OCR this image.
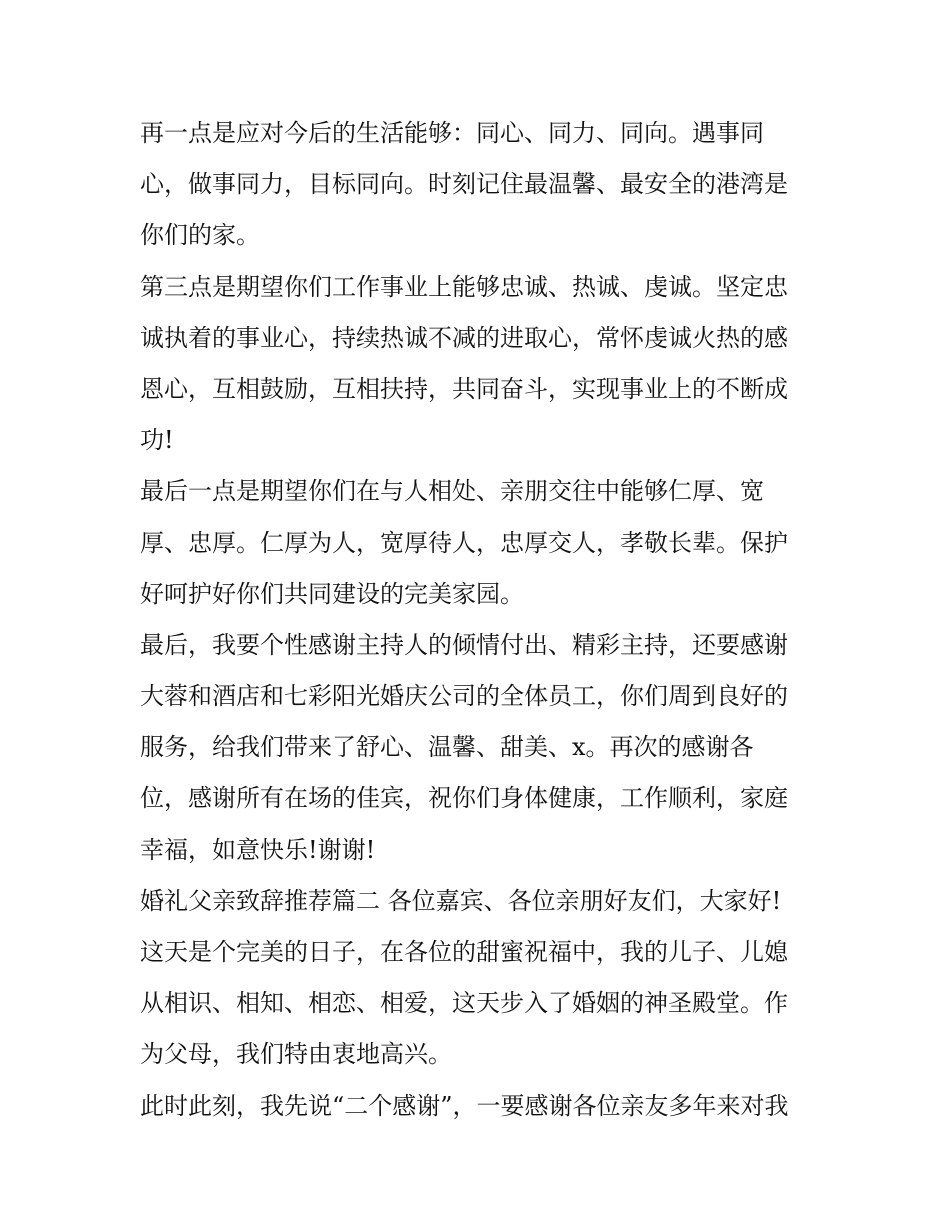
再一点是应对今后的生活能够：同心、同力、同向。遇事同
心，做事同力，目标同向。时刻记住最温馨、最安全的港湾是
你们的家。
第三点是期望你们工作事业上能够忠诚、热诚、虔诚。坚定忠
诚执着的事业心，持续热诚不减的进取心，常怀虔诚火热的感
恩心，互相鼓励，互相扶持，共同奋斗，实现事业上的不断成
功!
最后一点是期望你们在与人相处、亲朋交往中能够仁厚、宽
厚、忠厚。仁厚为人，宽厚待人，忠厚交人，孝敬长辈。保护
好呵护好你们共同建设的完美家园。
最后，我要个性感谢主持人的倾情付出、精彩主持，还要感谢
大蓉和酒店和七彩阳光婚庆公司的全体员工，你们周到良好的
服务，给我们带来了舒心、温馨、甜美、x。再次的感谢各
位，感谢所有在场的佳宾，祝你们身体健康，工作顺利，家庭
幸福，如意快乐!谢谢!
婚礼父亲致辞推荐篇二 各位嘉宾、各位亲朋好友们，大家好!
这天是个完美的日子，在各位的甜蜜祝福中，我的儿子、儿媳
从相识、相知、相恋、相爱，这天步入了婚姻的神圣殿堂。作
为父母，我们特由衷地高兴。
此时此刻，我先说“二个感谢”，一要感谢各位亲友多年来对我
